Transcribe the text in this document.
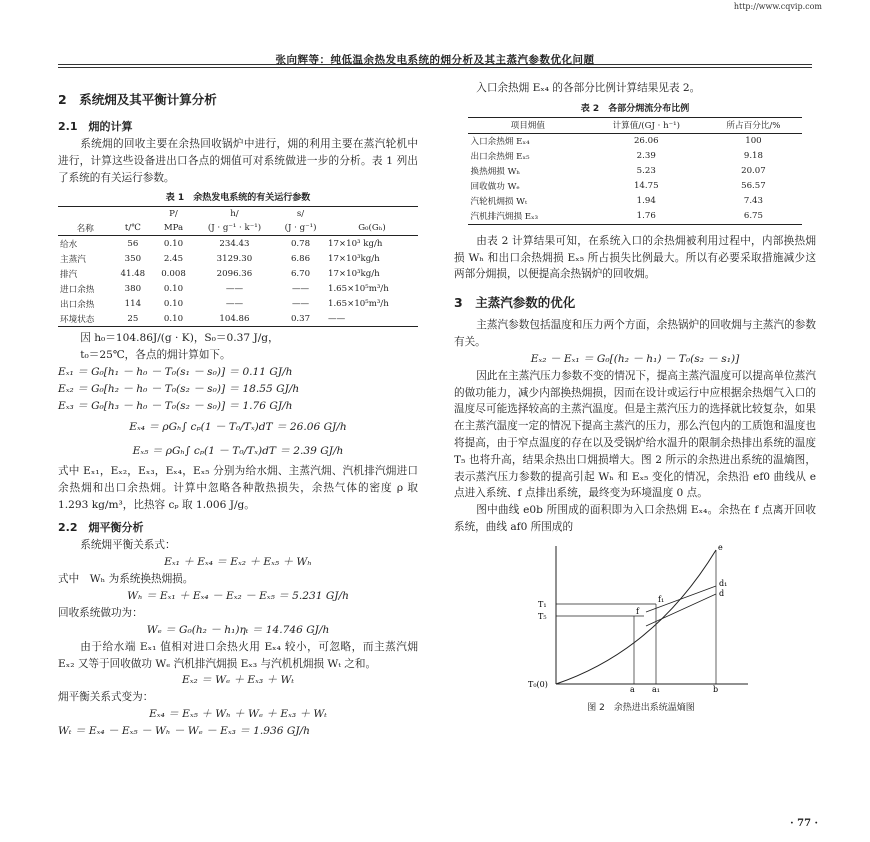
http://www.cqvip.com
张向辉等：纯低温余热发电系统的㶲分析及其主蒸汽参数优化问题
2　系统㶲及其平衡计算分析
2.1　㶲的计算

系统㶲的回收主要在余热回收锅炉中进行，㶲的利用主要在蒸汽轮机中进行，计算这些设备进出口各点的㶲值可对系统做进一步的分析。表 1 列出了系统的有关运行参数。

表 1　余热发电系统的有关运行参数
		P/	h/	s/	
名称	t/℃	MPa	(J · g⁻¹ · k⁻¹)	(J · g⁻¹)	G₀(Gₕ)
给水	56	0.10	234.43	0.78	17×10³ kg/h
主蒸汽	350	2.45	3129.30	6.86	17×10³kg/h
排汽	41.48	0.008	2096.36	6.70	17×10³kg/h
进口余热	380	0.10	——	——	1.65×10⁵m³/h
出口余热	114	0.10	——	——	1.65×10⁵m³/h
环境状态	25	0.10	104.86	0.37	——

因 h₀＝104.86J/(g · K)，S₀＝0.37 J/g，

t₀＝25℃，各点的㶲计算如下。

Eₓ₁ ＝ G₀[h₁ － h₀ － T₀(s₁ － s₀)] ＝ 0.11 GJ/h

Eₓ₂ ＝ G₀[h₂ － h₀ － T₀(s₂ － s₀)] ＝ 18.55 GJ/h

Eₓ₃ ＝ G₀[h₃ － h₀ － T₀(s₂ － s₀)] ＝ 1.76 GJ/h

Eₓ₄ ＝ ρGₕ∫ cₚ(1 － T₀/Tₓ)dT ＝ 26.06 GJ/h

Eₓ₅ ＝ ρGₕ∫ cₚ(1 － T₀/Tₓ)dT ＝ 2.39 GJ/h

式中 Eₓ₁，Eₓ₂，Eₓ₃，Eₓ₄，Eₓ₅ 分别为给水㶲、主蒸汽㶲、汽机排汽㶲进口余热㶲和出口余热㶲。计算中忽略各种散热损失，余热气体的密度 ρ 取 1.293 kg/m³，比热容 cₚ 取 1.006 J/g。

2.2　㶲平衡分析

系统㶲平衡关系式：

Eₓ₁ ＋ Eₓ₄ ＝ Eₓ₂ ＋ Eₓ₅ ＋ Wₕ

式中　Wₕ 为系统换热㶲损。

Wₕ ＝ Eₓ₁ ＋ Eₓ₄ － Eₓ₂ － Eₓ₅ ＝ 5.231 GJ/h

回收系统做功为：

Wₑ ＝ G₀(h₂ － h₁)ηₜ ＝ 14.746 GJ/h

由于给水端 Eₓ₁ 值相对进口余热火用 Eₓ₄ 较小，可忽略，而主蒸汽㶲 Eₓ₂ 又等于回收做功 Wₑ 汽机排汽㶲损 Eₓ₃ 与汽机机㶲损 Wₜ 之和。

Eₓ₂ ＝ Wₑ ＋ Eₓ₃ ＋ Wₜ

㶲平衡关系式变为：

Eₓ₄ ＝ Eₓ₅ ＋ Wₕ ＋ Wₑ ＋ Eₓ₃ ＋ Wₜ

Wₜ ＝ Eₓ₄ － Eₓ₅ － Wₕ － Wₑ － Eₓ₃ ＝ 1.936 GJ/h

入口余热㶲 Eₓ₄ 的各部分比例计算结果见表 2。

表 2　各部分㶲流分布比例
项目㶲值	计算值/(GJ · h⁻¹)	所占百分比/%
入口余热㶲 Eₓ₄	26.06	100
出口余热㶲 Eₓ₅	2.39	9.18
换热㶲损 Wₕ	5.23	20.07
回收做功 Wₑ	14.75	56.57
汽轮机㶲损 Wₜ	1.94	7.43
汽机排汽㶲损 Eₓ₃	1.76	6.75

由表 2 计算结果可知，在系统入口的余热㶲被利用过程中，内部换热㶲损 Wₕ 和出口余热㶲损 Eₓ₅ 所占损失比例最大。所以有必要采取措施减少这两部分㶲损，以便提高余热锅炉的回收㶲。

3　主蒸汽参数的优化

主蒸汽参数包括温度和压力两个方面，余热锅炉的回收㶲与主蒸汽的参数有关。

Eₓ₂ － Eₓ₁ ＝ G₀[(h₂ － h₁) － T₀(s₂ － s₁)]

因此在主蒸汽压力参数不变的情况下，提高主蒸汽温度可以提高单位蒸汽的做功能力，减少内部换热㶲损，因而在设计或运行中应根据余热烟气入口的温度尽可能选择较高的主蒸汽温度。但是主蒸汽压力的选择就比较复杂，如果在主蒸汽温度一定的情况下提高主蒸汽的压力，那么汽包内的工质饱和温度也将提高，由于窄点温度的存在以及受锅炉给水温升的限制余热排出系统的温度 T₅ 也将升高，结果余热出口㶲损增大。图 2 所示的余热进出系统的温熵图，表示蒸汽压力参数的提高引起 Wₕ 和 Eₓ₅ 变化的情况，余热沿 ef0 曲线从 e 点进入系统、f 点排出系统，最终变为环境温度 0 点。

图中曲线 e0b 所围成的面积即为入口余热㶲 Eₓ₄。余热在 f 点离开回收系统，曲线 af0 所围成的

e
d₁
d
f₁
f
T₁
T₅
T₀(0)
a a₁	b
图 2　余热进出系统温熵图
· 77 ·
